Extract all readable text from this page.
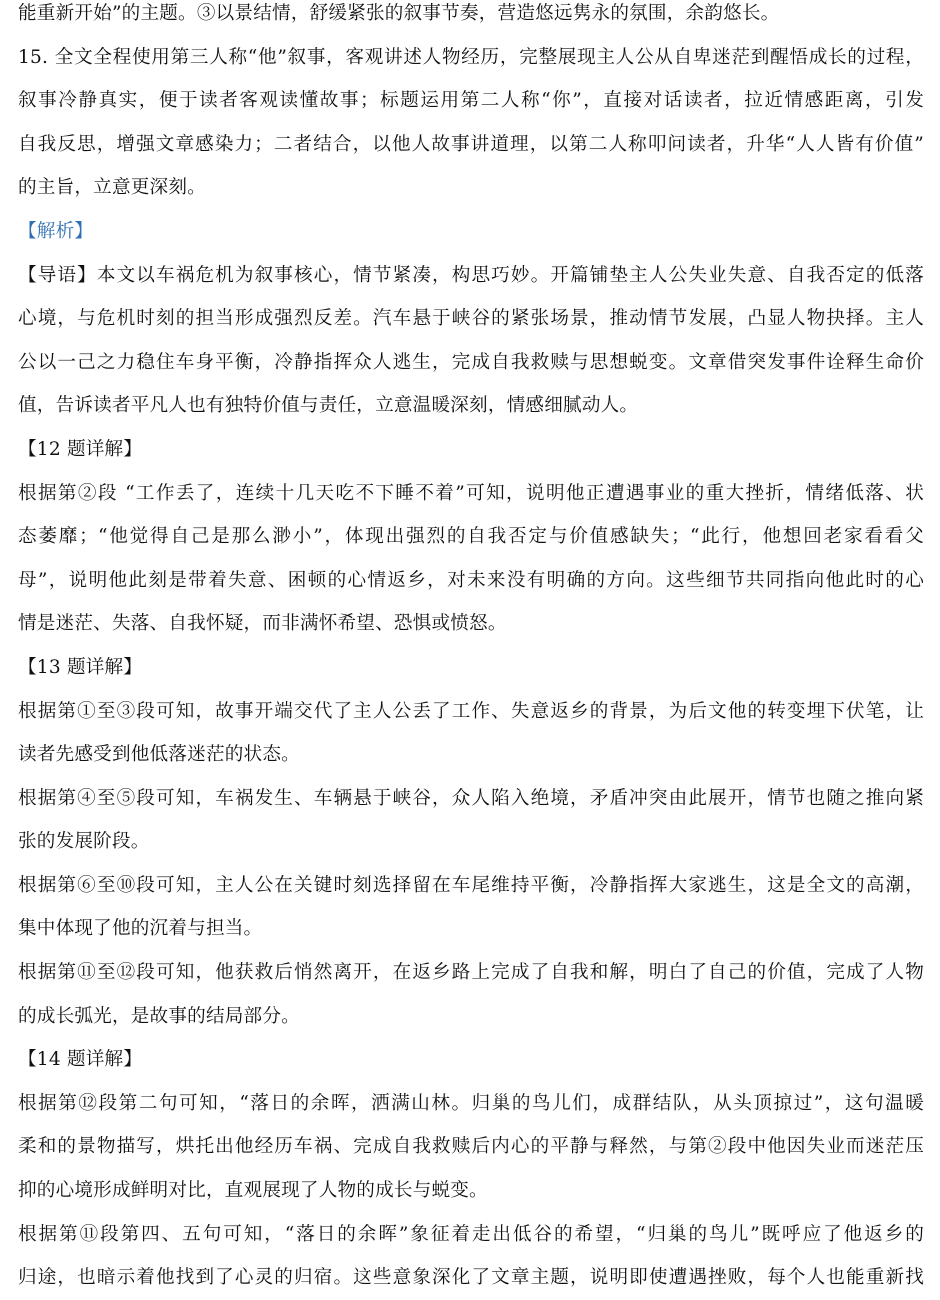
能重新开始”的主题。③以景结情，舒缓紧张的叙事节奏，营造悠远隽永的氛围，余韵悠长。
15. 全文全程使用第三人称“他”叙事，客观讲述人物经历，完整展现主人公从自卑迷茫到醒悟成长的过程，
叙事冷静真实，便于读者客观读懂故事；标题运用第二人称“你”，直接对话读者，拉近情感距离，引发
自我反思，增强文章感染力；二者结合，以他人故事讲道理，以第二人称叩问读者，升华“人人皆有价值”
的主旨，立意更深刻。
【解析】
【导语】本文以车祸危机为叙事核心，情节紧凑，构思巧妙。开篇铺垫主人公失业失意、自我否定的低落
心境，与危机时刻的担当形成强烈反差。汽车悬于峡谷的紧张场景，推动情节发展，凸显人物抉择。主人
公以一己之力稳住车身平衡，冷静指挥众人逃生，完成自我救赎与思想蜕变。文章借突发事件诠释生命价
值，告诉读者平凡人也有独特价值与责任，立意温暖深刻，情感细腻动人。
【12 题详解】
根据第②段 “工作丢了，连续十几天吃不下睡不着”可知，说明他正遭遇事业的重大挫折，情绪低落、状
态萎靡；“他觉得自己是那么渺小”，体现出强烈的自我否定与价值感缺失；“此行，他想回老家看看父
母”，说明他此刻是带着失意、困顿的心情返乡，对未来没有明确的方向。这些细节共同指向他此时的心
情是迷茫、失落、自我怀疑，而非满怀希望、恐惧或愤怒。
【13 题详解】
根据第①至③段可知，故事开端交代了主人公丢了工作、失意返乡的背景，为后文他的转变埋下伏笔，让
读者先感受到他低落迷茫的状态。
根据第④至⑤段可知，车祸发生、车辆悬于峡谷，众人陷入绝境，矛盾冲突由此展开，情节也随之推向紧
张的发展阶段。
根据第⑥至⑩段可知，主人公在关键时刻选择留在车尾维持平衡，冷静指挥大家逃生，这是全文的高潮，
集中体现了他的沉着与担当。
根据第⑪至⑫段可知，他获救后悄然离开，在返乡路上完成了自我和解，明白了自己的价值，完成了人物
的成长弧光，是故事的结局部分。
【14 题详解】
根据第⑫段第二句可知，“落日的余晖，洒满山林。归巢的鸟儿们，成群结队，从头顶掠过”，这句温暖
柔和的景物描写，烘托出他经历车祸、完成自我救赎后内心的平静与释然，与第②段中他因失业而迷茫压
抑的心境形成鲜明对比，直观展现了人物的成长与蜕变。
根据第⑪段第四、五句可知，“落日的余晖”象征着走出低谷的希望，“归巢的鸟儿”既呼应了他返乡的
归途，也暗示着他找到了心灵的归宿。这些意象深化了文章主题，说明即使遭遇挫败，每个人也能重新找
